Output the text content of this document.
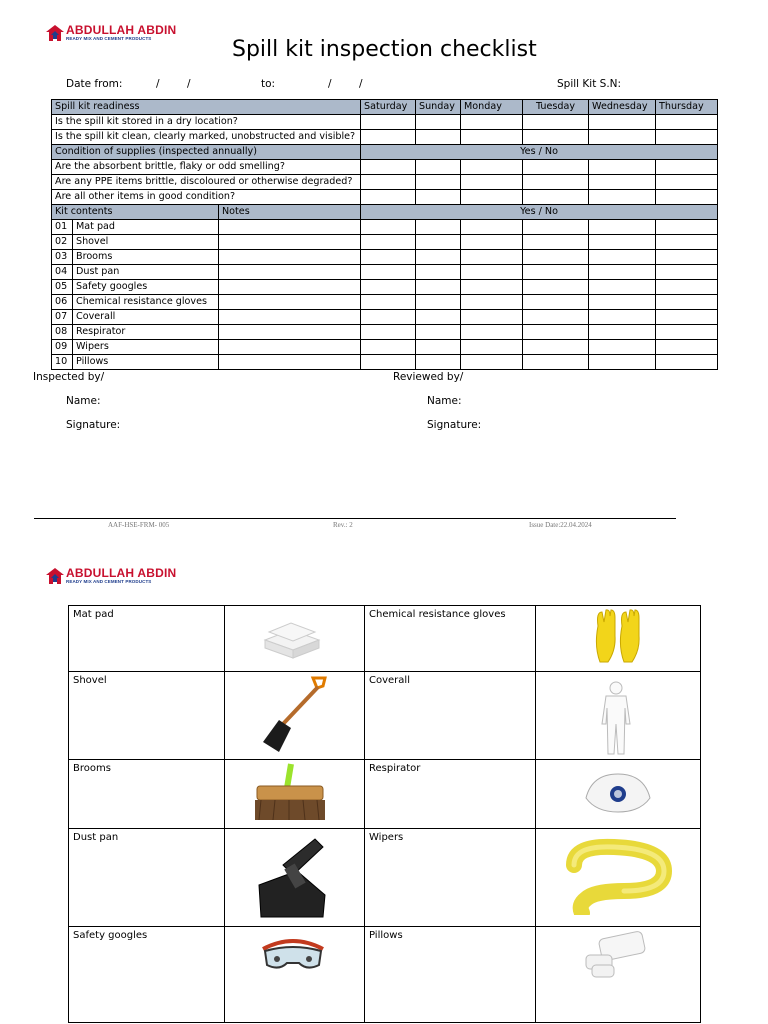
ABDULLAH ABDIN
READY MIX AND CEMENT PRODUCTS	Spill kit inspection checklist
Date from:	/	/	to:	/	/	Spill Kit S.N:
Spill kit readiness			Saturday	Sunday	Monday	Tuesday	Wednesday	Thursday
Is the spill kit stored in a dry location?								
Is the spill kit clean, clearly marked, unobstructed and visible?								
Condition of supplies (inspected annually)			Yes / No					
Are the absorbent brittle, flaky or odd smelling?								
Are any PPE items brittle, discoloured or otherwise degraded?								
Are all other items in good condition?								
Kit contents		Notes	Yes / No					
01	Mat pad							
02	Shovel							
03	Brooms							
04	Dust pan							
05	Safety googles							
06	Chemical resistance gloves							
07	Coverall							
08	Respirator							
09	Wipers							
10	Pillows							
Inspected by/	Reviewed by/
Name:	Name:
Signature:	Signature:
AAF-HSE-FRM- 005	Rev.: 2	Issue Date:22.04.2024
ABDULLAH ABDIN
READY MIX AND CEMENT PRODUCTS
Mat pad		Chemical resistance gloves	

Shovel		Coverall	

Brooms		Respirator	

Dust pan		Wipers	

Safety googles		Pillows	
